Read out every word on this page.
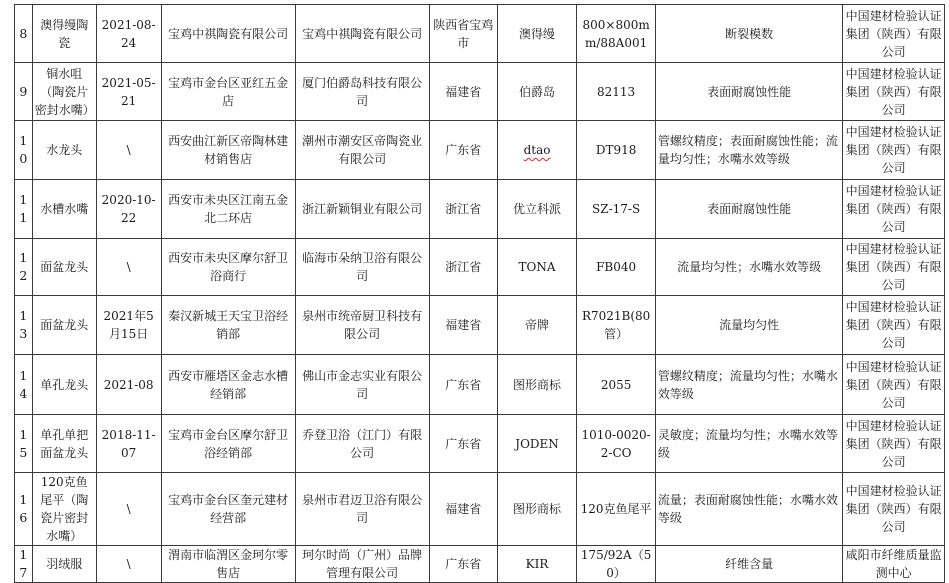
8	澳得缦陶瓷	2021-08-24	宝鸡中祺陶瓷有限公司	宝鸡中祺陶瓷有限公司	陕西省宝鸡市	澳得缦	800×800mm/88A001	断裂模数	中国建材检验认证集团（陕西）有限公司
9	铜水咀（陶瓷片密封水嘴）	2021-05-21	宝鸡市金台区亚红五金店	厦门伯爵岛科技有限公司	福建省	伯爵岛	82113	表面耐腐蚀性能	中国建材检验认证集团（陕西）有限公司
10	水龙头	\	西安曲江新区帝陶林建材销售店	潮州市潮安区帝陶瓷业有限公司	广东省	dtao	DT918	管螺纹精度；表面耐腐蚀性能；流量均匀性；水嘴水效等级	中国建材检验认证集团（陕西）有限公司
11	水槽水嘴	2020-10-22	西安市未央区江南五金北二环店	浙江新颖铜业有限公司	浙江省	优立科派	SZ-17-S	表面耐腐蚀性能	中国建材检验认证集团（陕西）有限公司
12	面盆龙头	\	西安市未央区摩尔舒卫浴商行	临海市朵纳卫浴有限公司	浙江省	TONA	FB040	流量均匀性；水嘴水效等级	中国建材检验认证集团（陕西）有限公司
13	面盆龙头	2021年5月15日	秦汉新城王天宝卫浴经销部	泉州市统帝厨卫科技有限公司	福建省	帝牌	R7021B(80管）	流量均匀性	中国建材检验认证集团（陕西）有限公司
14	单孔龙头	2021-08	西安市雁塔区金志水槽经销部	佛山市金志实业有限公司	广东省	图形商标	2055	管螺纹精度；流量均匀性；水嘴水效等级	中国建材检验认证集团（陕西）有限公司
15	单孔单把面盆龙头	2018-11-07	宝鸡市金台区摩尔舒卫浴经销部	乔登卫浴（江门）有限公司	广东省	JODEN	1010-0020-2-CO	灵敏度；流量均匀性；水嘴水效等级	中国建材检验认证集团（陕西）有限公司
16	120克鱼尾平（陶瓷片密封水嘴）	\	宝鸡市金台区奎元建材经营部	泉州市君迈卫浴有限公司	福建省	图形商标	120克鱼尾平	流量；表面耐腐蚀性能；水嘴水效等级	中国建材检验认证集团（陕西）有限公司
17	羽绒服	\	渭南市临渭区金珂尔零售店	珂尔时尚（广州）品牌管理有限公司	广东省	KIR	175/92A（50）	纤维含量	咸阳市纤维质量监测中心
